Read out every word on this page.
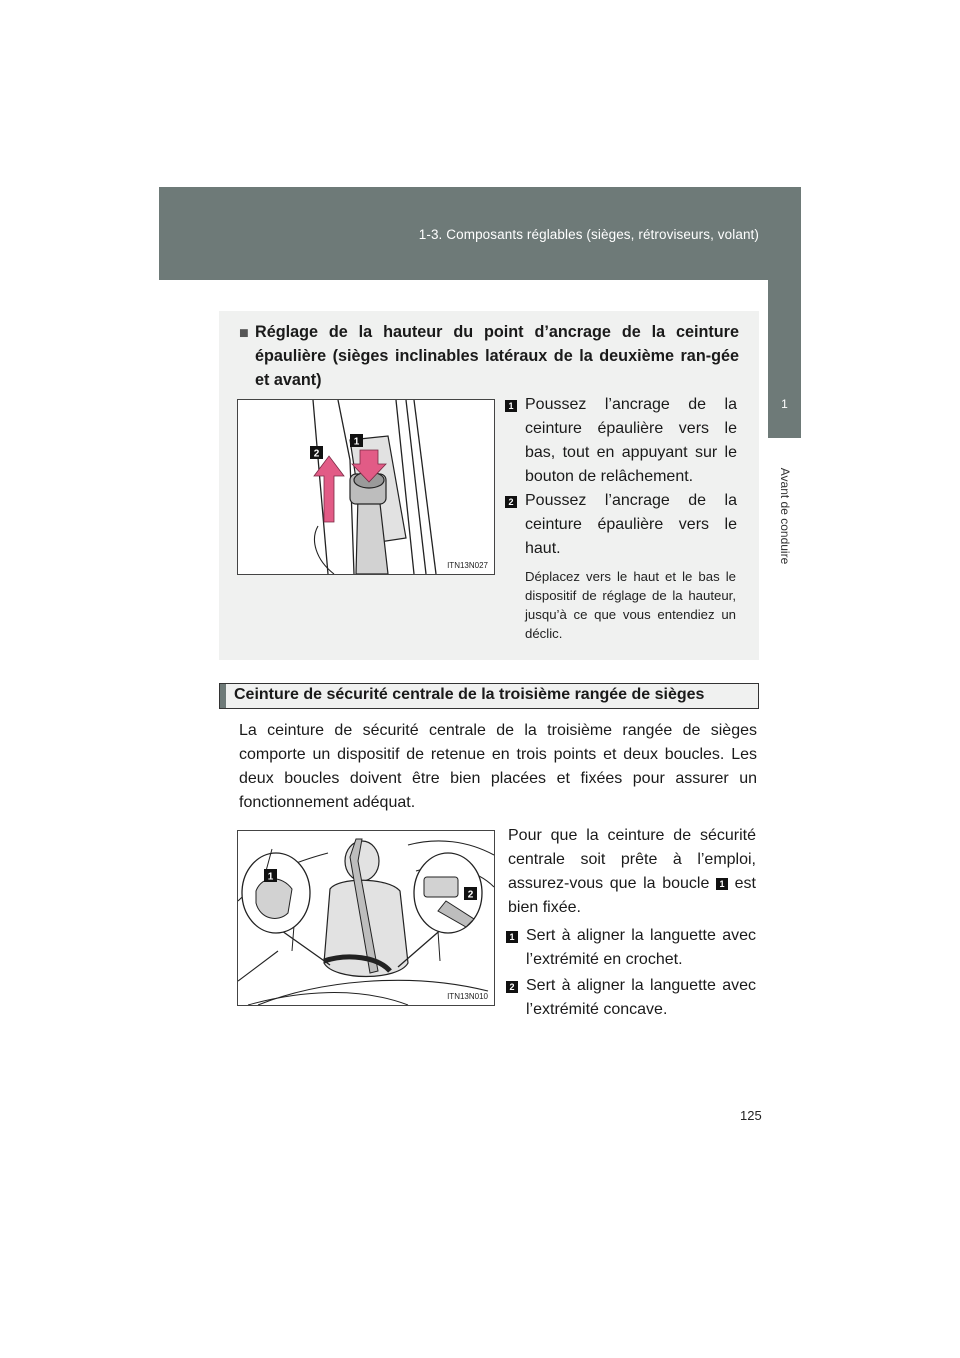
1-3. Composants réglables (sièges, rétroviseurs, volant)
1
Avant de conduire
■ Réglage de la hauteur du point d’ancrage de la ceinture épaulière (sièges inclinables latéraux de la deuxième ran-gée et avant)
2
1
ITN13N027
1 Poussez l’ancrage de la ceinture épaulière vers le bas, tout en appuyant sur le bouton de relâchement.
2 Poussez l’ancrage de la ceinture épaulière vers le haut.
Déplacez vers le haut et le bas le dispositif de réglage de la hauteur, jusqu’à ce que vous entendiez un déclic.
Ceinture de sécurité centrale de la troisième rangée de sièges
La ceinture de sécurité centrale de la troisième rangée de sièges comporte un dispositif de retenue en trois points et deux boucles. Les deux boucles doivent être bien placées et fixées pour assurer un fonctionnement adéquat.
1
2
ITN13N010
Pour que la ceinture de sécurité centrale soit prête à l’emploi, assurez-vous que la boucle	1 est bien fixée.
1 Sert à aligner la languette avec l’extrémité en crochet.
2 Sert à aligner la languette avec l’extrémité concave.
125
